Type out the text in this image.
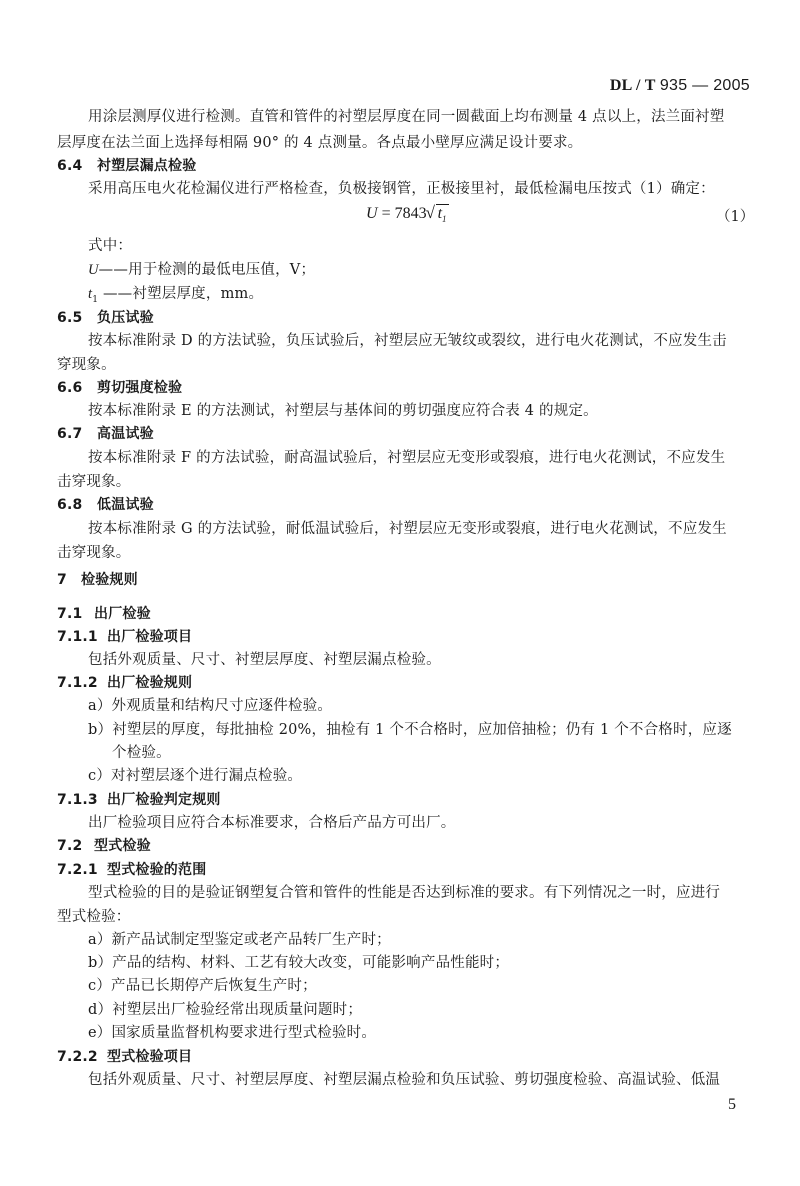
DL / T 935 — 2005
用涂层测厚仪进行检测。直管和管件的衬塑层厚度在同一圆截面上均布测量 4 点以上，法兰面衬塑
层厚度在法兰面上选择每相隔 90° 的 4 点测量。各点最小壁厚应满足设计要求。
6.4 衬塑层漏点检验
采用高压电火花检漏仪进行严格检查，负极接钢管，正极接里衬，最低检漏电压按式（1）确定：
U = 7843 √ $t_1$	（1）
式中：
U——用于检测的最低电压值，V；
$t_1$ ——衬塑层厚度，mm。
6.5 负压试验
按本标准附录 D 的方法试验，负压试验后，衬塑层应无皱纹或裂纹，进行电火花测试，不应发生击
穿现象。
6.6 剪切强度检验
按本标准附录 E 的方法测试，衬塑层与基体间的剪切强度应符合表 4 的规定。
6.7 高温试验
按本标准附录 F 的方法试验，耐高温试验后，衬塑层应无变形或裂痕，进行电火花测试，不应发生
击穿现象。
6.8 低温试验
按本标准附录 G 的方法试验，耐低温试验后，衬塑层应无变形或裂痕，进行电火花测试，不应发生
击穿现象。
7 检验规则
7.1 出厂检验
7.1.1 出厂检验项目
包括外观质量、尺寸、衬塑层厚度、衬塑层漏点检验。
7.1.2 出厂检验规则
a）外观质量和结构尺寸应逐件检验。
b）衬塑层的厚度，每批抽检 20%，抽检有 1 个不合格时，应加倍抽检；仍有 1 个不合格时，应逐
个检验。
c）对衬塑层逐个进行漏点检验。
7.1.3 出厂检验判定规则
出厂检验项目应符合本标准要求，合格后产品方可出厂。
7.2 型式检验
7.2.1 型式检验的范围
型式检验的目的是验证钢塑复合管和管件的性能是否达到标准的要求。有下列情况之一时，应进行
型式检验：
a）新产品试制定型鉴定或老产品转厂生产时；
b）产品的结构、材料、工艺有较大改变，可能影响产品性能时；
c）产品已长期停产后恢复生产时；
d）衬塑层出厂检验经常出现质量问题时；
e）国家质量监督机构要求进行型式检验时。
7.2.2 型式检验项目
包括外观质量、尺寸、衬塑层厚度、衬塑层漏点检验和负压试验、剪切强度检验、高温试验、低温
5
